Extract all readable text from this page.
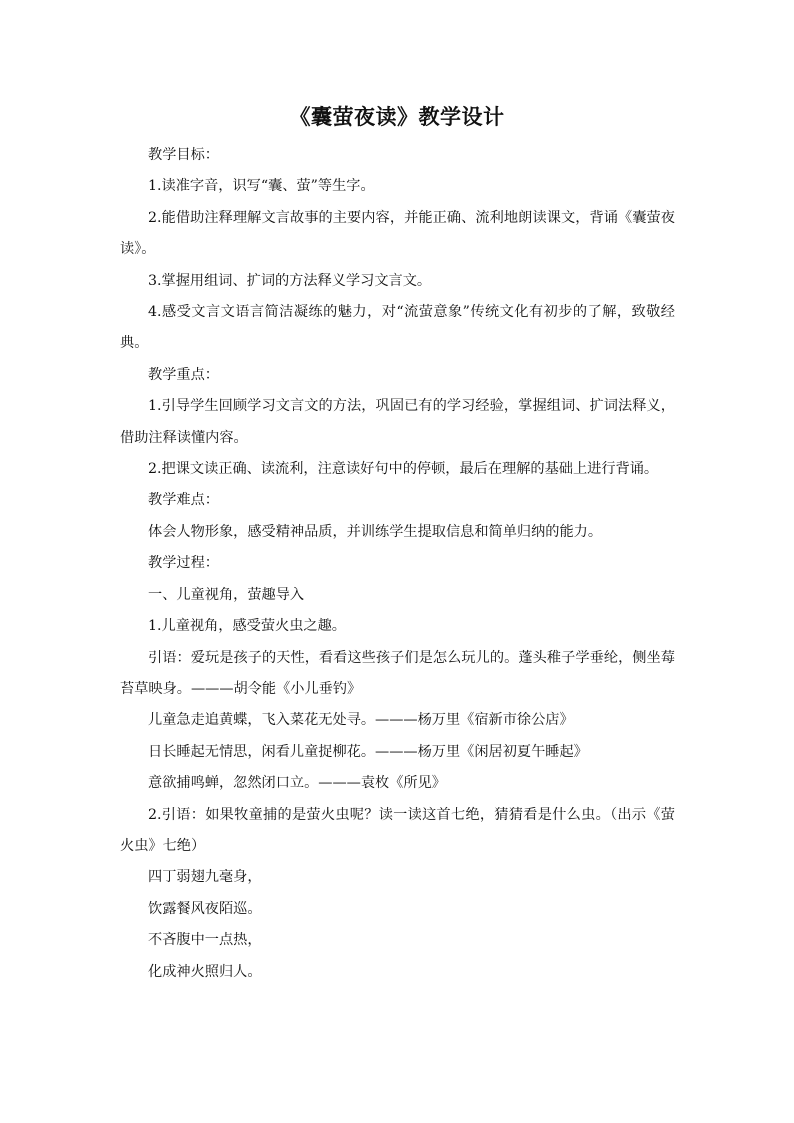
《囊萤夜读》教学设计

教学目标：

1.读准字音，识写“囊、萤”等生字。

2.能借助注释理解文言故事的主要内容，并能正确、流利地朗读课文，背诵《囊萤夜读》。

3.掌握用组词、扩词的方法释义学习文言文。

4.感受文言文语言简洁凝练的魅力，对“流萤意象”传统文化有初步的了解，致敬经典。

教学重点：

1.引导学生回顾学习文言文的方法，巩固已有的学习经验，掌握组词、扩词法释义，借助注释读懂内容。

2.把课文读正确、读流利，注意读好句中的停顿，最后在理解的基础上进行背诵。

教学难点：

体会人物形象，感受精神品质，并训练学生提取信息和简单归纳的能力。

教学过程：

一、儿童视角，萤趣导入

1.儿童视角，感受萤火虫之趣。

引语：爱玩是孩子的天性，看看这些孩子们是怎么玩儿的。蓬头稚子学垂纶，侧坐莓苔草映身。———胡令能《小儿垂钓》

儿童急走追黄蝶，飞入菜花无处寻。———杨万里《宿新市徐公店》

日长睡起无情思，闲看儿童捉柳花。———杨万里《闲居初夏午睡起》

意欲捕鸣蝉，忽然闭口立。———袁枚《所见》

2.引语：如果牧童捕的是萤火虫呢？读一读这首七绝，猜猜看是什么虫。（出示《萤火虫》七绝）

四丁弱翅九毫身，

饮露餐风夜陌巡。

不吝腹中一点热，

化成神火照归人。
